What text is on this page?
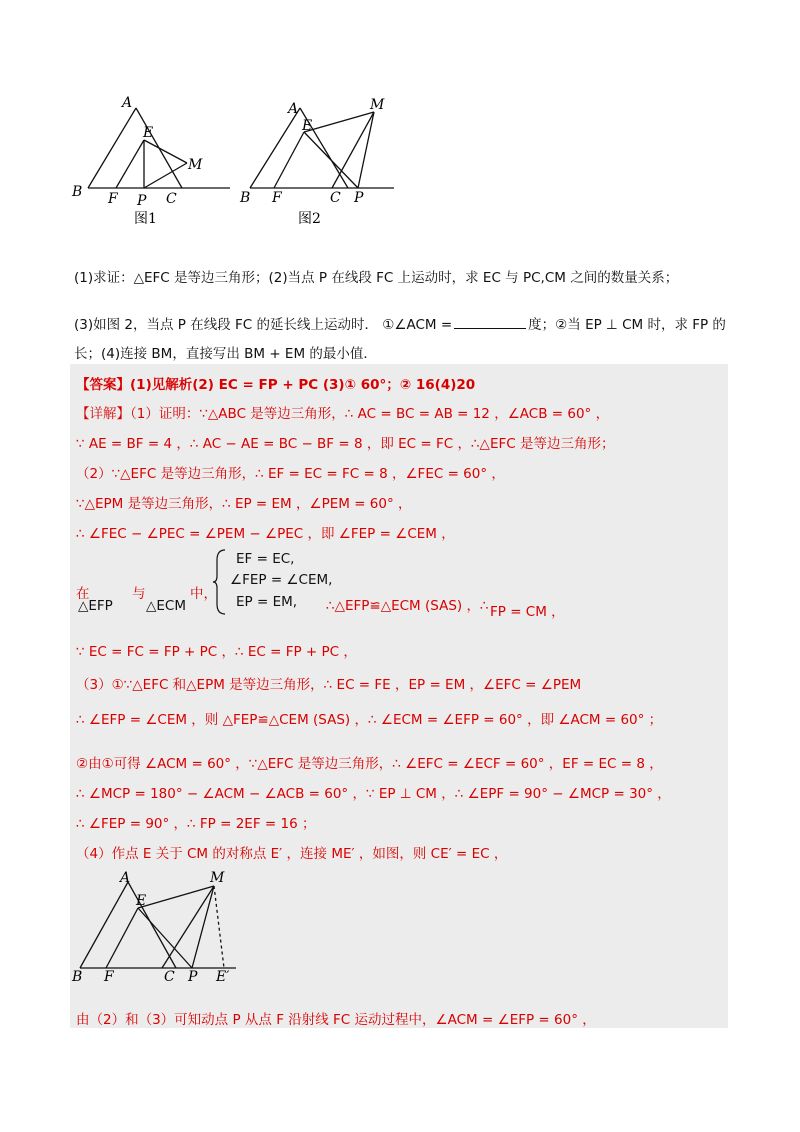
A
E
M
B F P C
图1
A	M
E
B F	C P
图2
(1)求证：△EFC 是等边三角形；(2)当点 P 在线段 FC 上运动时，求 EC 与 PC,CM 之间的数量关系；
(3)如图 2，当点 P 在线段 FC 的延长线上运动时． ①∠ACM =	度；②当 EP ⊥ CM 时，求 FP 的
长；(4)连接 BM，直接写出 BM + EM 的最小值．
【答案】(1)见解析(2) EC = FP + PC (3)① 60°；② 16(4)20
【详解】（1）证明：∵△ABC 是等边三角形，∴ AC = BC = AB = 12 ，∠ACB = 60° ，
∵ AE = BF = 4 ，∴ AC − AE = BC − BF = 8 ，即 EC = FC ，∴△EFC 是等边三角形；
（2）∵△EFC 是等边三角形，∴ EF = EC = FC = 8 ，∠FEC = 60° ，
∵△EPM 是等边三角形，∴ EP = EM ，∠PEM = 60° ，
∴ ∠FEC − ∠PEC = ∠PEM − ∠PEC ，即 ∠FEP = ∠CEM ，
在
△EFP
与
△ECM
中，
EF = EC,
∠FEP = ∠CEM,
EP = EM, ∴△EFP≌△ECM (SAS) ，∴ FP = CM ，
∵ EC = FC = FP + PC ，∴ EC = FP + PC ，
（3）①∵△EFC 和△EPM 是等边三角形，∴ EC = FE ，EP = EM ，∠EFC = ∠PEM
∴ ∠EFP = ∠CEM ，则 △FEP≌△CEM (SAS) ，∴ ∠ECM = ∠EFP = 60° ，即 ∠ACM = 60° ；
②由①可得 ∠ACM = 60° ，∵△EFC 是等边三角形，∴ ∠EFC = ∠ECF = 60° ，EF = EC = 8 ，
∴ ∠MCP = 180° − ∠ACM − ∠ACB = 60° ，∵ EP ⊥ CM ，∴ ∠EPF = 90° − ∠MCP = 30° ，
∴ ∠FEP = 90° ，∴ FP = 2EF = 16 ；
（4）作点 E 关于 CM 的对称点 E′ ，连接 ME′ ，如图，则 CE′ = EC ，
A	M
E
B F	C P E′
由（2）和（3）可知动点 P 从点 F 沿射线 FC 运动过程中，∠ACM = ∠EFP = 60° ，
